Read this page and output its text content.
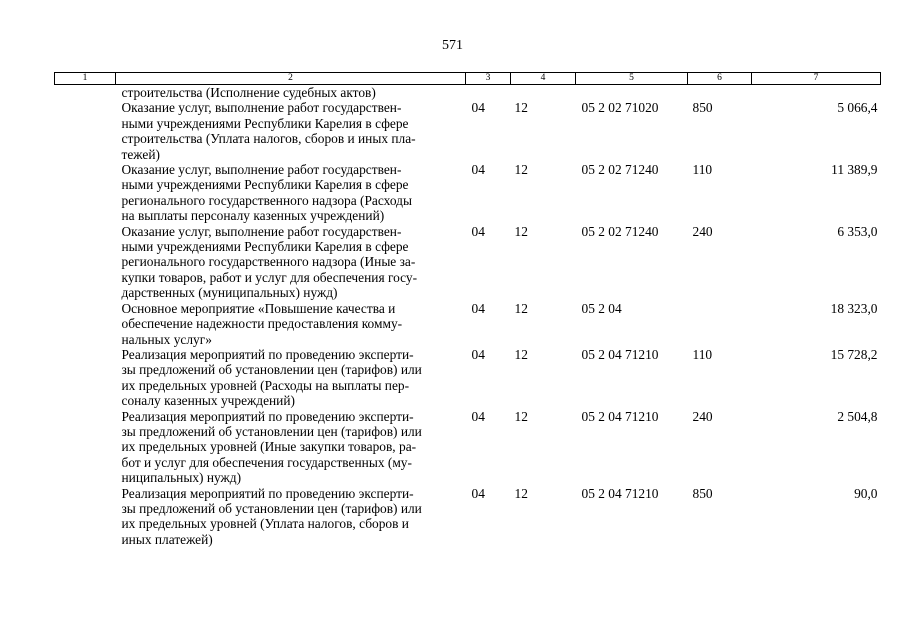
571
1	2	3	4	5	6	7

	строительства (Исполнение судебных актов)					

	Оказание услуг, выполнение работ государствен-
ными учреждениями Республики Карелия в сфере
строительства (Уплата налогов, сборов и иных пла-
тежей)	04	12	05 2 02 71020	850	5 066,4

	Оказание услуг, выполнение работ государствен-
ными учреждениями Республики Карелия в сфере
регионального государственного надзора (Расходы
на выплаты персоналу казенных учреждений)	04	12	05 2 02 71240	110	11 389,9

	Оказание услуг, выполнение работ государствен-
ными учреждениями Республики Карелия в сфере
регионального государственного надзора (Иные за-
купки товаров, работ и услуг для обеспечения госу-
дарственных (муниципальных) нужд)	04	12	05 2 02 71240	240	6 353,0

	Основное мероприятие «Повышение качества и
обеспечение надежности предоставления комму-
нальных услуг»	04	12	05 2 04		18 323,0

	Реализация мероприятий по проведению эксперти-
зы предложений об установлении цен (тарифов) или
их предельных уровней (Расходы на выплаты пер-
соналу казенных учреждений)	04	12	05 2 04 71210	110	15 728,2

	Реализация мероприятий по проведению эксперти-
зы предложений об установлении цен (тарифов) или
их предельных уровней (Иные закупки товаров, ра-
бот и услуг для обеспечения государственных (му-
ниципальных) нужд)	04	12	05 2 04 71210	240	2 504,8

	Реализация мероприятий по проведению эксперти-
зы предложений об установлении цен (тарифов) или
их предельных уровней (Уплата налогов, сборов и
иных платежей)	04	12	05 2 04 71210	850	90,0
